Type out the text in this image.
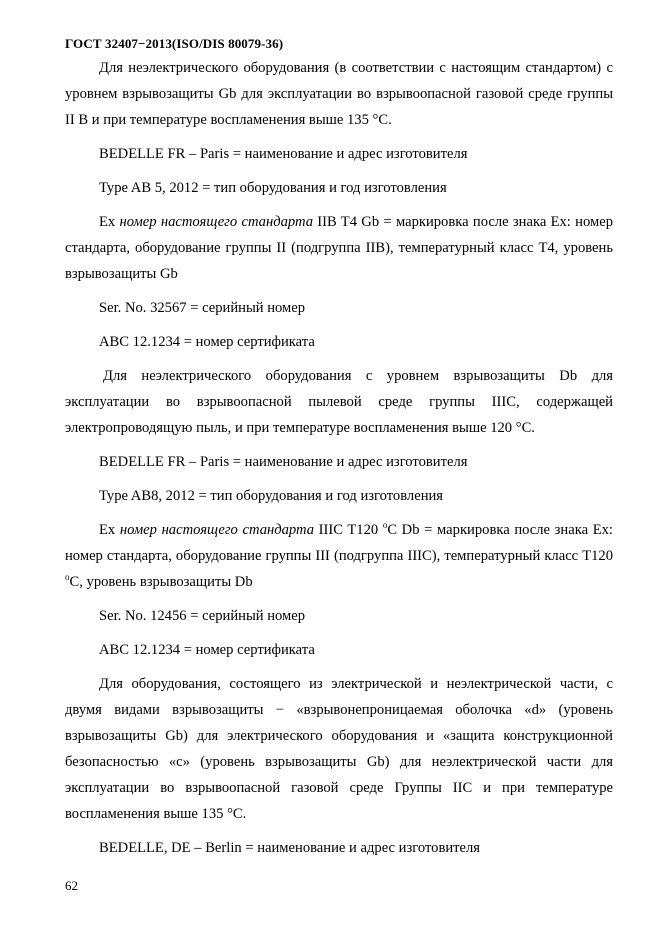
ГОСТ 32407−2013(ISO/DIS 80079-36)

Для неэлектрического оборудования (в соответствии с настоящим стандартом) с уровнем взрывозащиты Gb для эксплуатации во взрывоопасной газовой среде группы II В и при температуре воспламенения выше 135 °С.

BEDELLE FR – Paris = наименование и адрес изготовителя

Type AB 5, 2012 = тип оборудования и год изготовления

Ex номер настоящего стандарта IIB T4 Gb = маркировка после знака Ex: номер стандарта, оборудование группы II (подгруппа IIB), температурный класс Т4, уровень взрывозащиты Gb

Ser. No. 32567 = серийный номер

АВС 12.1234 = номер сертификата

Для неэлектрического оборудования с уровнем взрывозащиты Db для эксплуатации во взрывоопасной пылевой среде группы IIIC, содержащей электропроводящую пыль, и при температуре воспламенения выше 120 °С.

BEDELLE FR – Paris = наименование и адрес изготовителя

Type AB8, 2012 = тип оборудования и год изготовления

Ex номер настоящего стандарта IIIC T120 $^o$C Db = маркировка после знака Ex: номер стандарта, оборудование группы III (подгруппа IIIC), температурный класс Т120 $^o$C, уровень взрывозащиты Db

Ser. No. 12456 = серийный номер

АВС 12.1234 = номер сертификата

Для оборудования, состоящего из электрической и неэлектрической части, с двумя видами взрывозащиты − «взрывонепроницаемая оболочка «d» (уровень взрывозащиты Gb) для электрического оборудования и «защита конструкционной безопасностью «c» (уровень взрывозащиты Gb) для неэлектрической части для эксплуатации во взрывоопасной газовой среде Группы IIC и при температуре воспламенения выше 135 °С.

BEDELLE, DE – Berlin = наименование и адрес изготовителя

62
